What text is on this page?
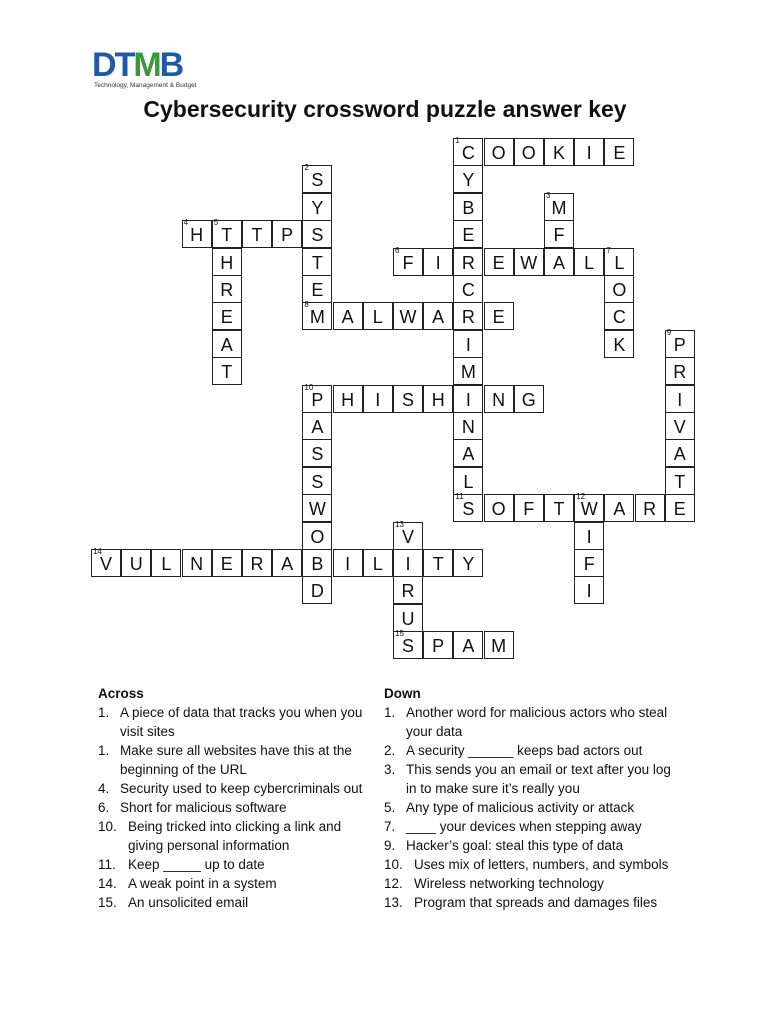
DTMB
Technology, Management & Budget
Cybersecurity crossword puzzle answer key
1
C O O K	I	E
Y
B
E
R
C
R
I
M
I
N
A
L
2
S
Y
S
T
E
8
M
3
M
F
A
4
H
5
T	T	P
H
R
E
A
T
6
F	I	E W	L
7
L
O
C
K
A	L W A	E
9
P
R
I
V
A
T
E
10
P H	I	S H	N G
A
S
S
W
O
B
D
11
S O F	T
12
W A R
I
F
I
13
V
I
R
U
15
S
14
V U	L	N E R A	I	L	T	Y
P	A M
Across
1. A piece of data that tracks you when you visit sites
1. Make sure all websites have this at the beginning of the URL
4. Security used to keep cybercriminals out
6. Short for malicious software
10. Being tricked into clicking a link and giving personal information
11. Keep _____ up to date
14. A weak point in a system
15. An unsolicited email
Down
1. Another word for malicious actors who steal your data
2. A security ______ keeps bad actors out
3. This sends you an email or text after you log in to make sure it’s really you
5. Any type of malicious activity or attack
7. ____ your devices when stepping away
9. Hacker’s goal: steal this type of data
10. Uses mix of letters, numbers, and symbols
12. Wireless networking technology
13. Program that spreads and damages files
